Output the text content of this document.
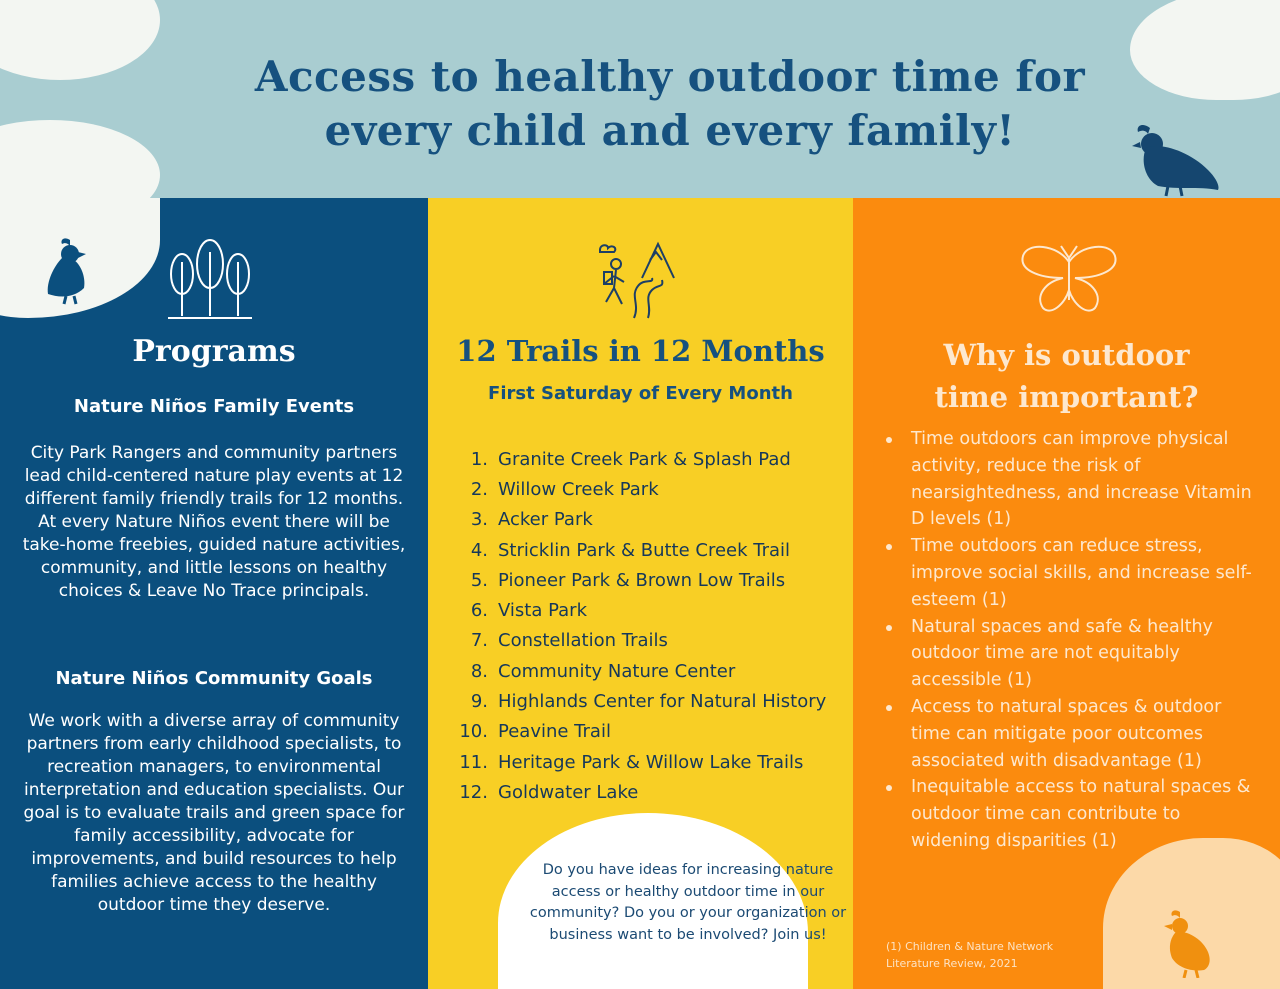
Access to healthy outdoor time for
every child and every family!
Programs
Nature Niños Family Events

City Park Rangers and community partners lead child-centered nature play events at 12 different family friendly trails for 12 months. At every Nature Niños event there will be take-home freebies, guided nature activities, community, and little lessons on healthy choices & Leave No Trace principals.

Nature Niños Community Goals

We work with a diverse array of community partners from early childhood specialists, to recreation managers, to environmental interpretation and education specialists. Our goal is to evaluate trails and green space for family accessibility, advocate for improvements, and build resources to help families achieve access to the healthy outdoor time they deserve.

12 Trails in 12 Months
First Saturday of Every Month
1. Granite Creek Park & Splash Pad
2. Willow Creek Park
3. Acker Park
4. Stricklin Park & Butte Creek Trail
5. Pioneer Park & Brown Low Trails
6. Vista Park
7. Constellation Trails
8. Community Nature Center
9. Highlands Center for Natural History
10. Peavine Trail
11. Heritage Park & Willow Lake Trails
12. Goldwater Lake

Do you have ideas for increasing nature access or healthy outdoor time in our community? Do you or your organization or business want to be involved? Join us!

Why is outdoor
time important?
Time outdoors can improve physical activity, reduce the risk of nearsightedness, and increase Vitamin D levels (1)
Time outdoors can reduce stress, improve social skills, and increase self-esteem (1)
Natural spaces and safe & healthy outdoor time are not equitably accessible (1)
Access to natural spaces & outdoor time can mitigate poor outcomes associated with disadvantage (1)
Inequitable access to natural spaces & outdoor time can contribute to widening disparities (1)

(1) Children & Nature Network Literature Review, 2021
